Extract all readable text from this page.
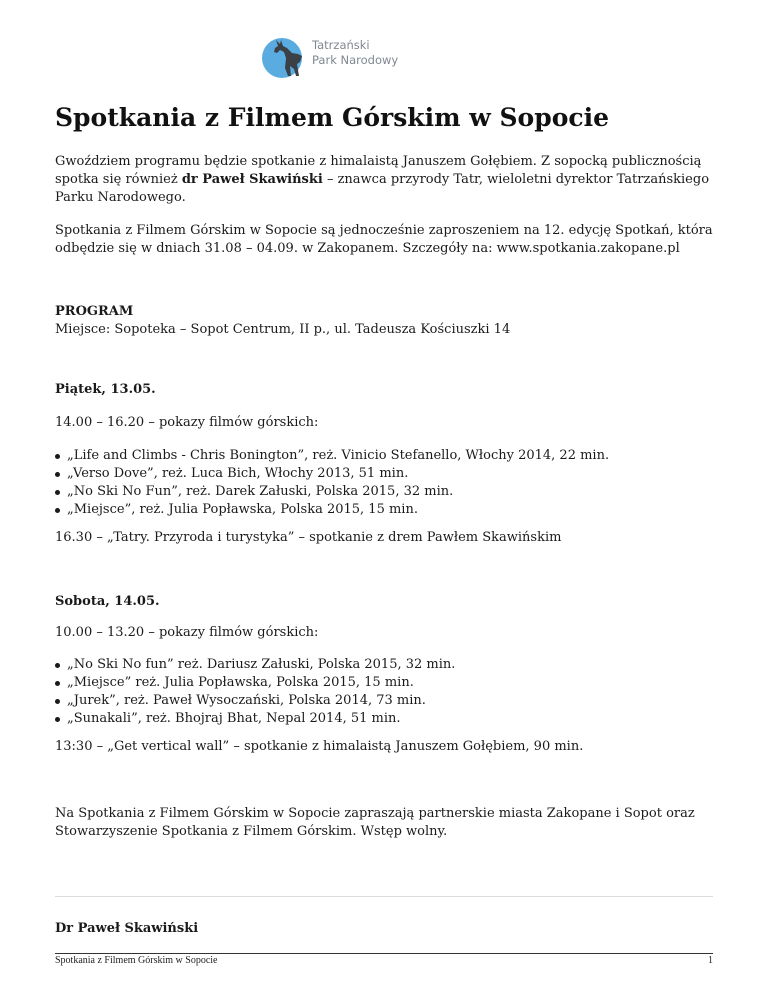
Tatrzański
Park Narodowy
Spotkania z Filmem Górskim w Sopocie

Gwoździem programu będzie spotkanie z himalaistą Januszem Gołębiem. Z sopocką publicznością spotka się również dr Paweł Skawiński – znawca przyrody Tatr, wieloletni dyrektor Tatrzańskiego Parku Narodowego.

Spotkania z Filmem Górskim w Sopocie są jednocześnie zaproszeniem na 12. edycję Spotkań, która odbędzie się w dniach 31.08 – 04.09. w Zakopanem. Szczegóły na: www.spotkania.zakopane.pl

PROGRAM

Miejsce: Sopoteka – Sopot Centrum, II p., ul. Tadeusza Kościuszki 14

Piątek, 13.05.

14.00 – 16.20 – pokazy filmów górskich:

„Life and Climbs - Chris Bonington”, reż. Vinicio Stefanello, Włochy 2014, 22 min.
„Verso Dove”, reż. Luca Bich, Włochy 2013, 51 min.
„No Ski No Fun”, reż. Darek Załuski, Polska 2015, 32 min.
„Miejsce”, reż. Julia Popławska, Polska 2015, 15 min.

16.30 – „Tatry. Przyroda i turystyka” – spotkanie z drem Pawłem Skawińskim

Sobota, 14.05.

10.00 – 13.20 – pokazy filmów górskich:

„No Ski No fun” reż. Dariusz Załuski, Polska 2015, 32 min.
„Miejsce” reż. Julia Popławska, Polska 2015, 15 min.
„Jurek”, reż. Paweł Wysoczański, Polska 2014, 73 min.
„Sunakali”, reż. Bhojraj Bhat, Nepal 2014, 51 min.

13:30 – „Get vertical wall” – spotkanie z himalaistą Januszem Gołębiem, 90 min.

Na Spotkania z Filmem Górskim w Sopocie zapraszają partnerskie miasta Zakopane i Sopot oraz Stowarzyszenie Spotkania z Filmem Górskim. Wstęp wolny.

Dr Paweł Skawiński

Spotkania z Filmem Górskim w Sopocie	1
